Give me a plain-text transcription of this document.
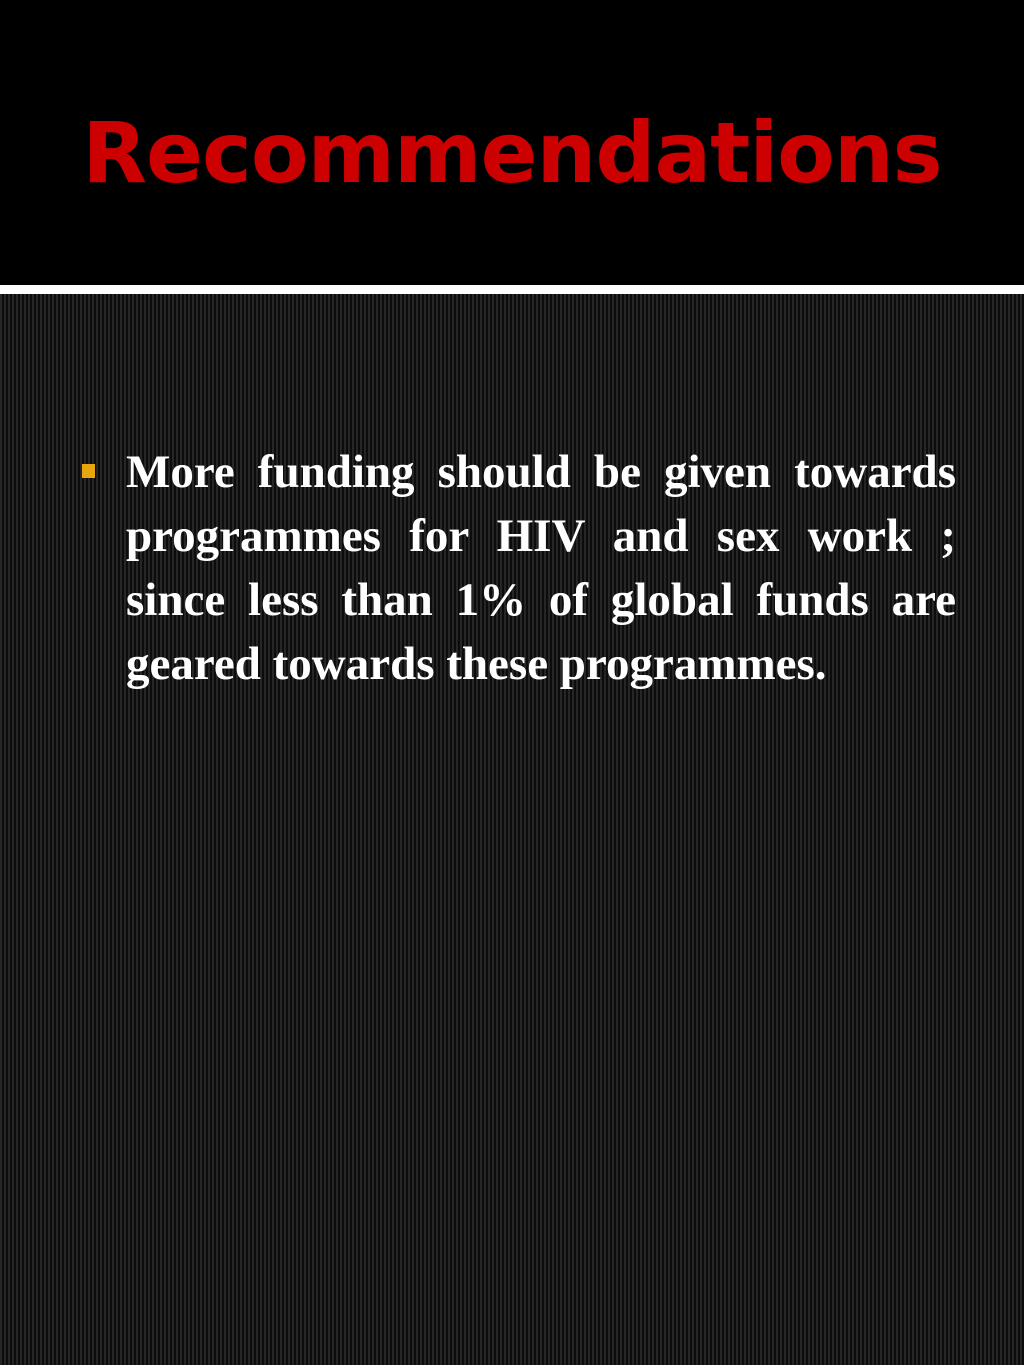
Recommendations

More funding should be given towards programmes for HIV and sex work ; since less than 1% of global funds are geared towards these programmes.
